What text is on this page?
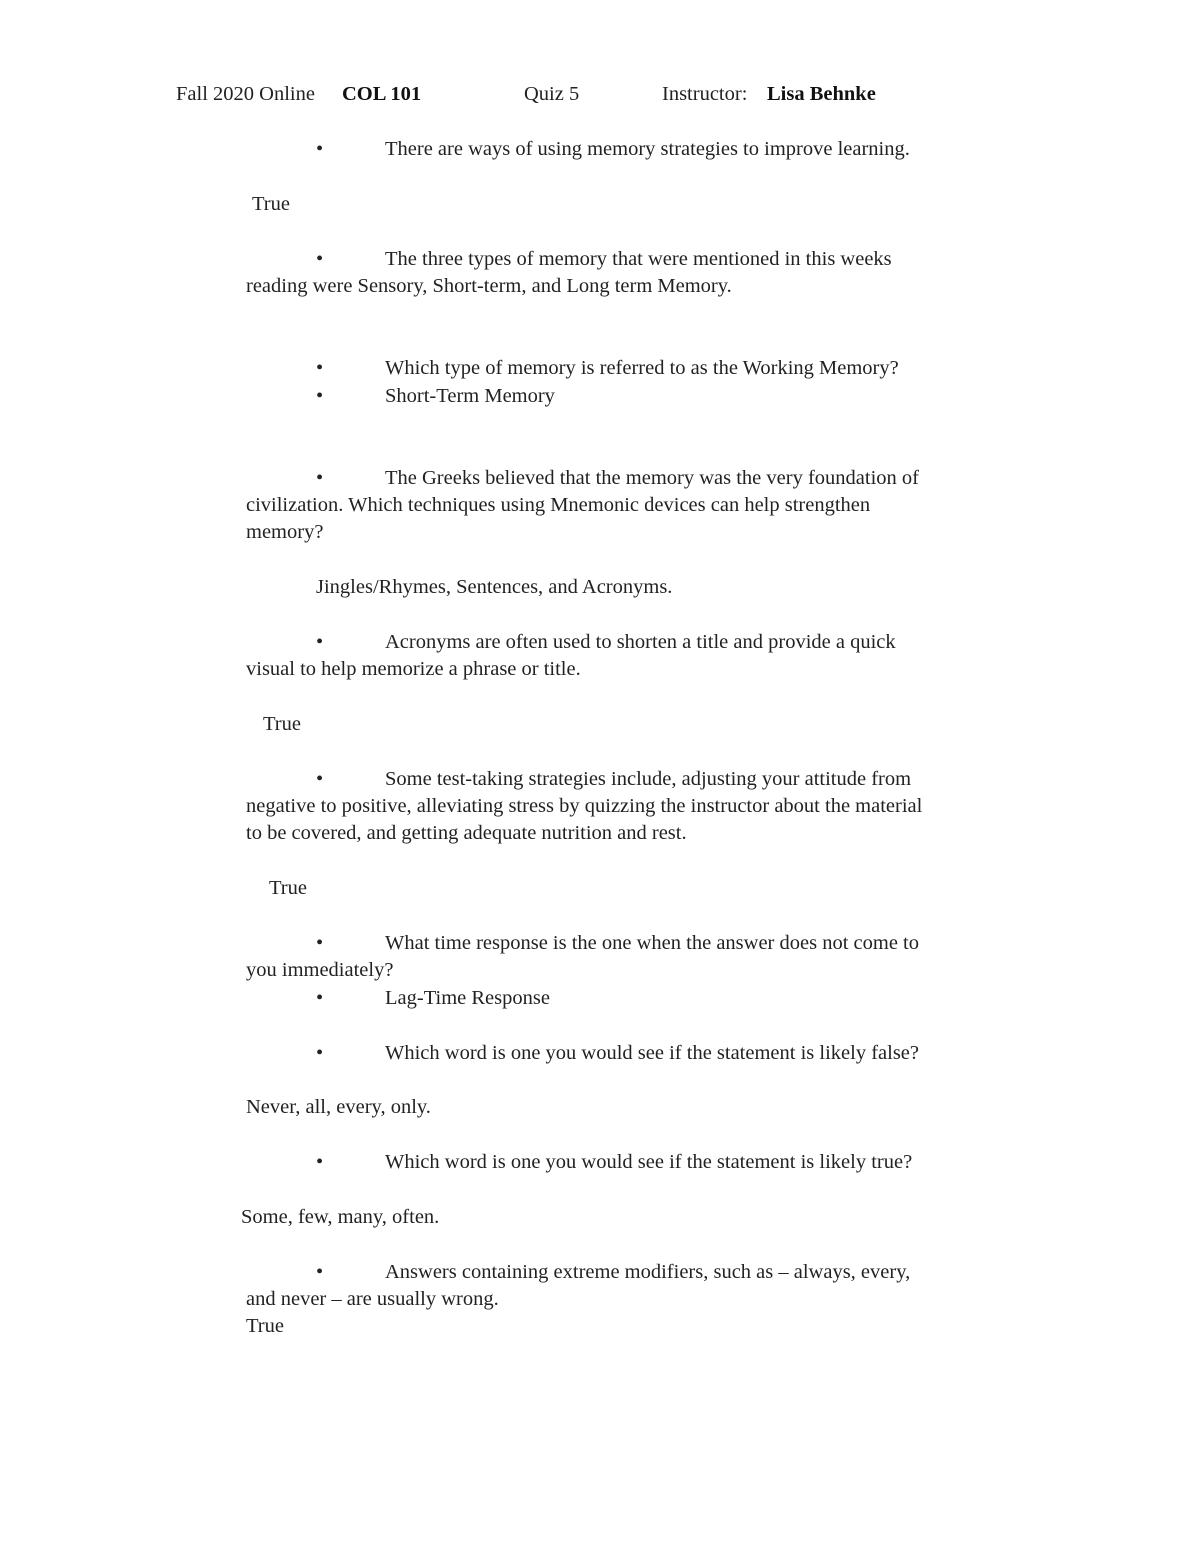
Fall 2020 Online COL 101	Quiz 5	Instructor: Lisa Behnke
•	There are ways of using memory strategies to improve learning.
True
•	The three types of memory that were mentioned in this weeks
reading were Sensory, Short-term, and Long term Memory.
•	Which type of memory is referred to as the Working Memory?
•	Short-Term Memory
•	The Greeks believed that the memory was the very foundation of
civilization. Which techniques using Mnemonic devices can help strengthen
memory?
Jingles/Rhymes, Sentences, and Acronyms.
•	Acronyms are often used to shorten a title and provide a quick
visual to help memorize a phrase or title.
True
•	Some test-taking strategies include, adjusting your attitude from
negative to positive, alleviating stress by quizzing the instructor about the material
to be covered, and getting adequate nutrition and rest.
True
•	What time response is the one when the answer does not come to
you immediately?
•	Lag-Time Response
•	Which word is one you would see if the statement is likely false?
Never, all, every, only.
•	Which word is one you would see if the statement is likely true?
Some, few, many, often.
•	Answers containing extreme modifiers, such as – always, every,
and never – are usually wrong.
True
